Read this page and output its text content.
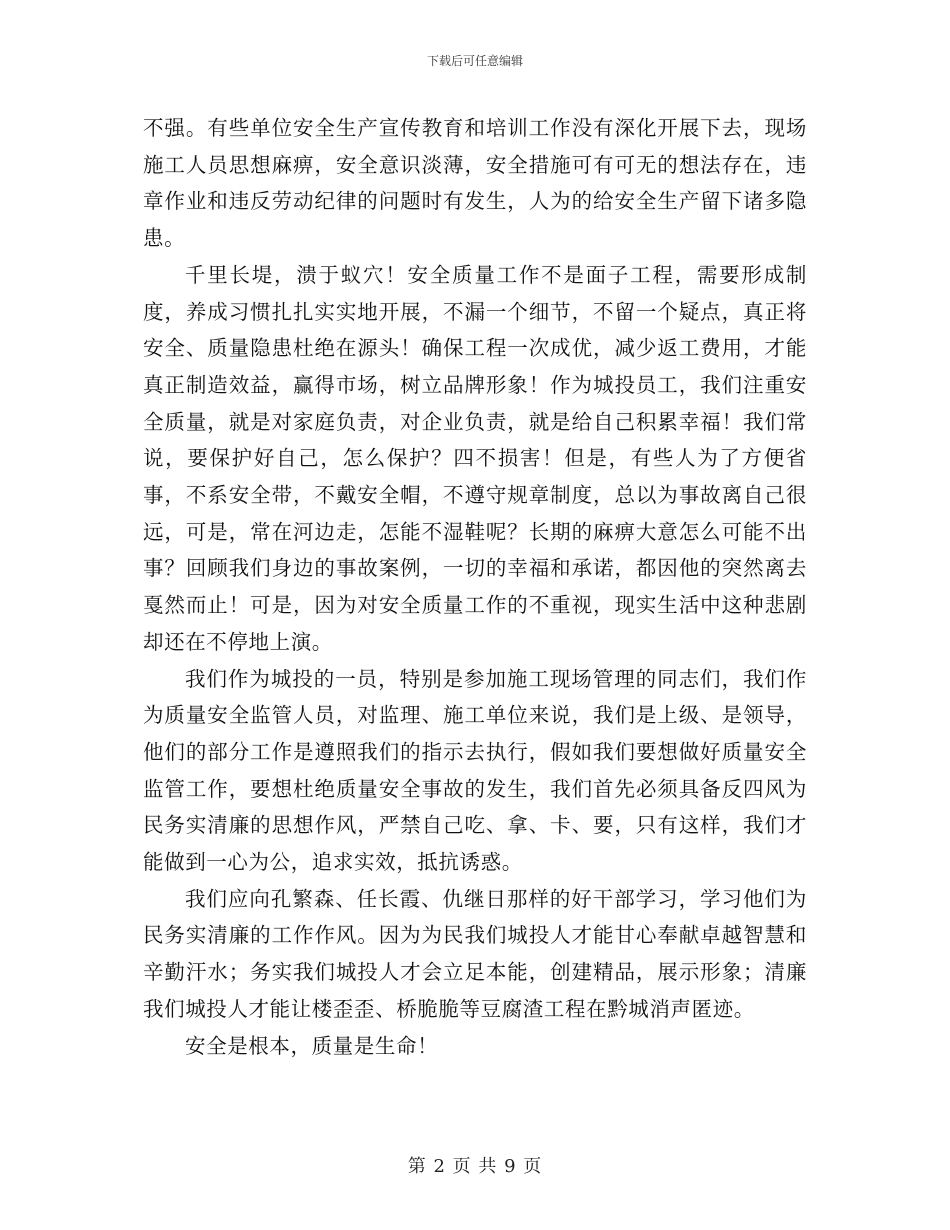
下载后可任意编辑

不强。有些单位安全生产宣传教育和培训工作没有深化开展下去，现场施工人员思想麻痹，安全意识淡薄，安全措施可有可无的想法存在，违章作业和违反劳动纪律的问题时有发生，人为的给安全生产留下诸多隐患。

千里长堤，溃于蚁穴！安全质量工作不是面子工程，需要形成制度，养成习惯扎扎实实地开展，不漏一个细节，不留一个疑点，真正将安全、质量隐患杜绝在源头！确保工程一次成优，减少返工费用，才能真正制造效益，赢得市场，树立品牌形象！作为城投员工，我们注重安全质量，就是对家庭负责，对企业负责，就是给自己积累幸福！我们常说，要保护好自己，怎么保护？四不损害！但是，有些人为了方便省事，不系安全带，不戴安全帽，不遵守规章制度，总以为事故离自己很远，可是，常在河边走，怎能不湿鞋呢？长期的麻痹大意怎么可能不出事？回顾我们身边的事故案例，一切的幸福和承诺，都因他的突然离去戛然而止！可是，因为对安全质量工作的不重视，现实生活中这种悲剧却还在不停地上演。

我们作为城投的一员，特别是参加施工现场管理的同志们，我们作为质量安全监管人员，对监理、施工单位来说，我们是上级、是领导，他们的部分工作是遵照我们的指示去执行，假如我们要想做好质量安全监管工作，要想杜绝质量安全事故的发生，我们首先必须具备反四风为民务实清廉的思想作风，严禁自己吃、拿、卡、要，只有这样，我们才能做到一心为公，追求实效，抵抗诱惑。

我们应向孔繁森、任长霞、仇继日那样的好干部学习，学习他们为民务实清廉的工作作风。因为为民我们城投人才能甘心奉献卓越智慧和辛勤汗水；务实我们城投人才会立足本能，创建精品，展示形象；清廉我们城投人才能让楼歪歪、桥脆脆等豆腐渣工程在黔城消声匿迹。

安全是根本，质量是生命！

第 2 页 共 9 页
